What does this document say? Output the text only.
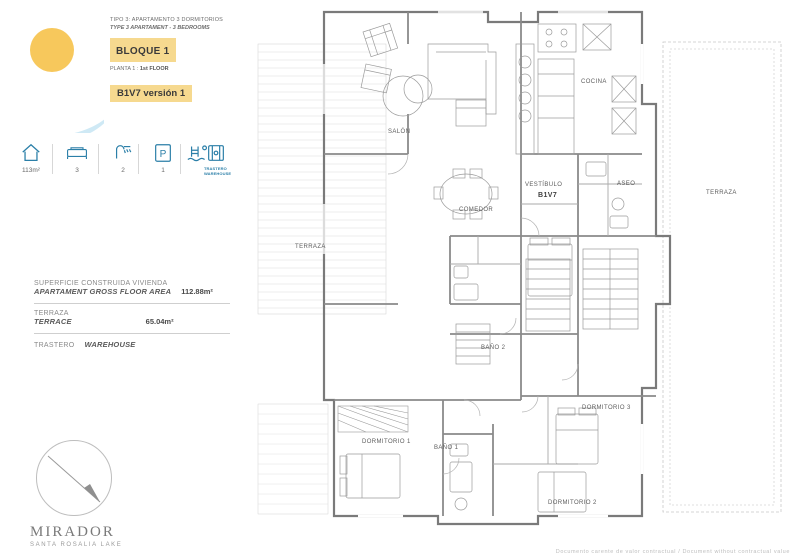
TIPO 3: APARTAMENTO 3 DORMITORIOS
TYPE 3 APARTAMENT - 3 BEDROOMS
BLOQUE 1
PLANTA 1 : 1st FLOOR
B1V7 versión 1
113m²	3	2
P
1	TRASTERO
WAREHOUSE
SUPERFICIE CONSTRUIDA VIVIENDA
APARTAMENT GROSS FLOOR AREA 112.88m²
TERRAZA
TERRACE	65.04m²
TRASTERO WAREHOUSE
MIRADOR
SANTA ROSALIA LAKE
SALÓN
COCINA
COMEDOR
VESTÍBULO
B1V7
ASEO
TERRAZA
TERRAZA
BAÑO 2
DORMITORIO 3
DORMITORIO 1
BAÑO 1
DORMITORIO 2
Documento carente de valor contractual / Document without contractual value
